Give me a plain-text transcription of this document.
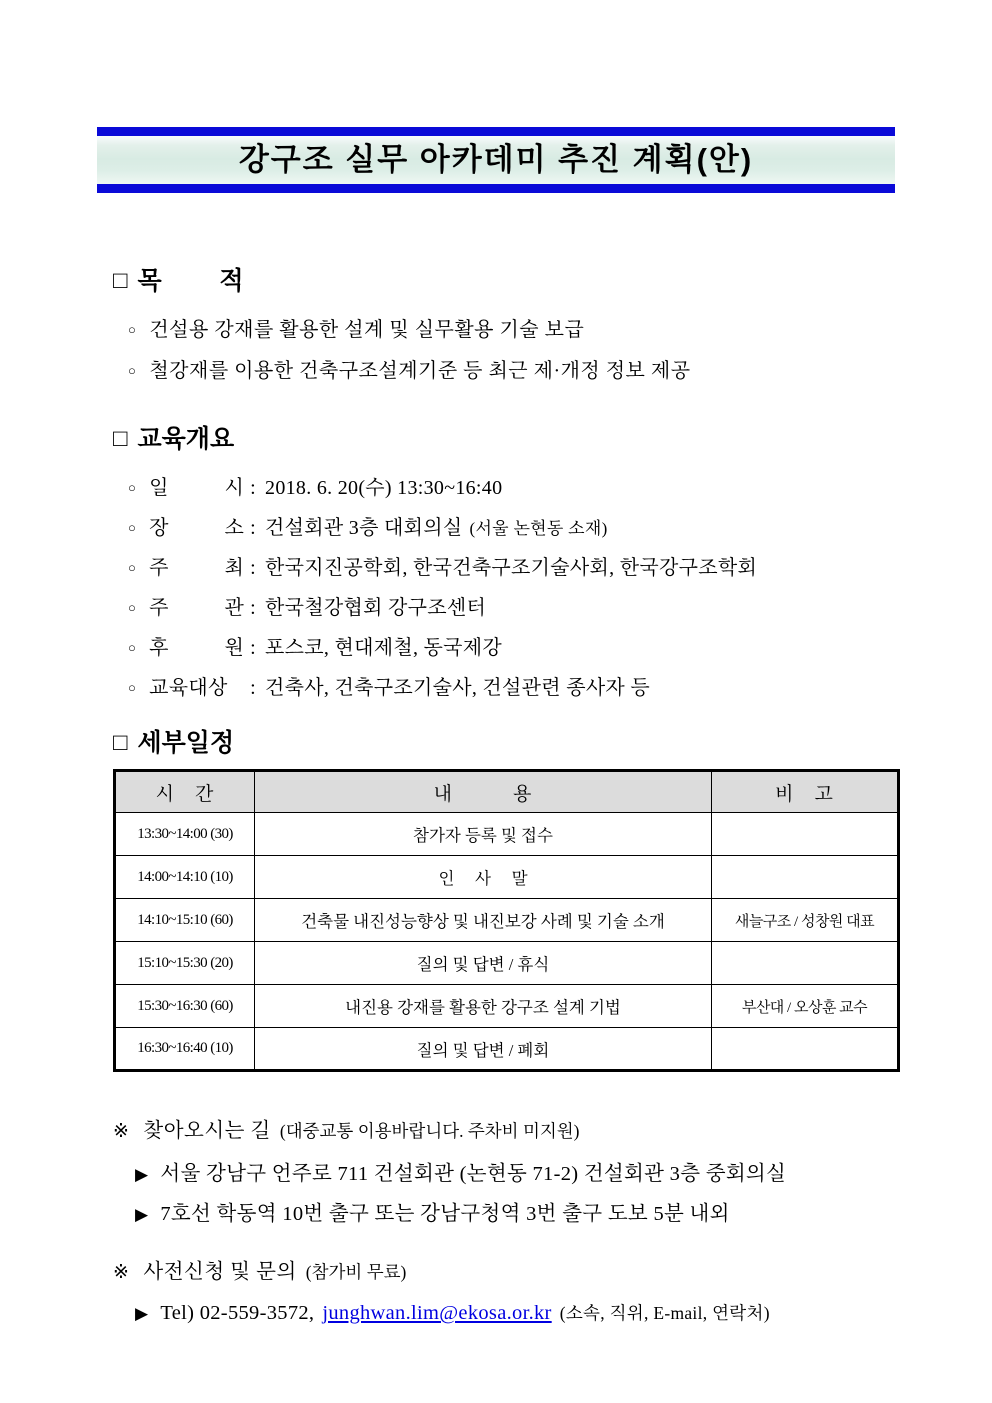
강구조 실무 아카데미 추진 계획(안)
□ 목 적
○ 건설용 강재를 활용한 설계 및 실무활용 기술 보급
○ 철강재를 이용한 건축구조설계기준 등 최근 제·개정 정보 제공
□ 교육개요
○ 일 시 : 2018. 6. 20(수) 13:30~16:40
○ 장 소 : 건설회관 3층 대회의실 (서울 논현동 소재)
○ 주 최 : 한국지진공학회, 한국건축구조기술사회, 한국강구조학회
○ 주 관 : 한국철강협회 강구조센터
○ 후 원 : 포스코, 현대제철, 동국제강
○ 교육대상	: 건축사, 건축구조기술사, 건설관련 종사자 등
□ 세부일정
시　간	내　　　용	비　고
13:30~14:00 (30)	참가자 등록 및 접수	
14:00~14:10 (10)	인　 사　 말	
14:10~15:10 (60)	건축물 내진성능향상 및 내진보강 사례 및 기술 소개	새늘구조 / 성창원 대표
15:10~15:30 (20)	질의 및 답변 / 휴식	
15:30~16:30 (60)	내진용 강재를 활용한 강구조 설계 기법	부산대 / 오상훈 교수
16:30~16:40 (10)	질의 및 답변 / 폐회	
※ 찾아오시는 길 (대중교통 이용바랍니다. 주차비 미지원)
▶ 서울 강남구 언주로 711 건설회관 (논현동 71-2) 건설회관 3층 중회의실
▶ 7호선 학동역 10번 출구 또는 강남구청역 3번 출구 도보 5분 내외
※ 사전신청 및 문의 (참가비 무료)
▶ Tel) 02-559-3572, junghwan.lim@ekosa.or.kr (소속, 직위, E-mail, 연락처)
